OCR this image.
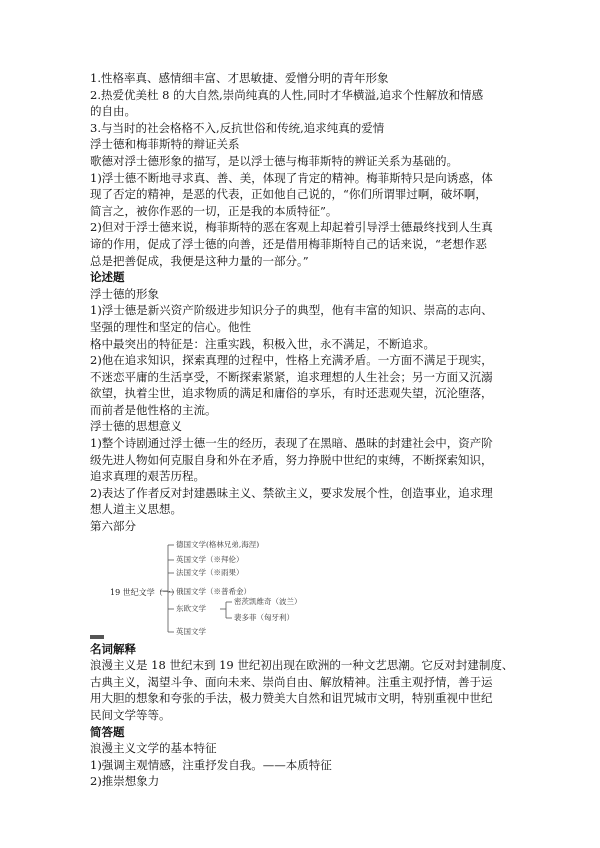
1.性格率真、感情细丰富、才思敏捷、爱憎分明的青年形象

2.热爱优美杜 8 的大自然,崇尚纯真的人性,同时才华横溢,追求个性解放和情感

的自由。

3.与当时的社会格格不入,反抗世俗和传统,追求纯真的爱情

浮士德和梅菲斯特的辩证关系

歌德对浮士德形象的描写，是以浮士德与梅菲斯特的辨证关系为基础的。

1)浮士德不断地寻求真、善、美，体现了肯定的精神。梅菲斯特只是向诱惑，体

现了否定的精神，是恶的代表，正如他自己说的，“你们所谓罪过啊，破坏啊，

简言之，被你作恶的一切，正是我的本质特征”。

2)但对于浮士德来说，梅菲斯特的恶在客观上却起着引导浮士德最终找到人生真

谛的作用，促成了浮士德的向善，还是借用梅菲斯特自己的话来说，“老想作恶

总是把善促成，我便是这种力量的一部分。”

论述题

浮士德的形象

1)浮士德是新兴资产阶级进步知识分子的典型，他有丰富的知识、崇高的志向、

坚强的理性和坚定的信心。他性

格中最突出的特征是：注重实践，积极入世，永不满足，不断追求。

2)他在追求知识，探索真理的过程中，性格上充满矛盾。一方面不满足于现实，

不迷恋平庸的生活享受，不断探索紧紧，追求理想的人生社会；另一方面又沉溺

欲望，执着尘世，追求物质的满足和庸俗的享乐，有时还悲观失望，沉沦堕落，

而前者是他性格的主流。

浮士德的思想意义

1)整个诗剧通过浮士德一生的经历，表现了在黑暗、愚昧的封建社会中，资产阶

级先进人物如何克服自身和外在矛盾，努力挣脱中世纪的束缚，不断探索知识，

追求真理的艰苦历程。

2)表达了作者反对封建愚昧主义、禁欲主义，要求发展个性，创造事业，追求理

想人道主义思想。

第六部分

19 世纪文学（一）
德国文学(格林兄弟,海涅)
英国文学（※拜伦）
法国文学（※雨果）
俄国文学（※普希金）
东欧文学
密茨凯维奇（波兰）
裴多菲（匈牙利）
英国文学

名词解释

浪漫主义是 18 世纪末到 19 世纪初出现在欧洲的一种文艺思潮。它反对封建制度、

古典主义，渴望斗争、面向未来、崇尚自由、解放精神。注重主观抒情，善于运

用大胆的想象和夸张的手法，极力赞美大自然和诅咒城市文明，特别重视中世纪

民间文学等等。

简答题

浪漫主义文学的基本特征

1)强调主观情感，注重抒发自我。——本质特征

2)推崇想象力
